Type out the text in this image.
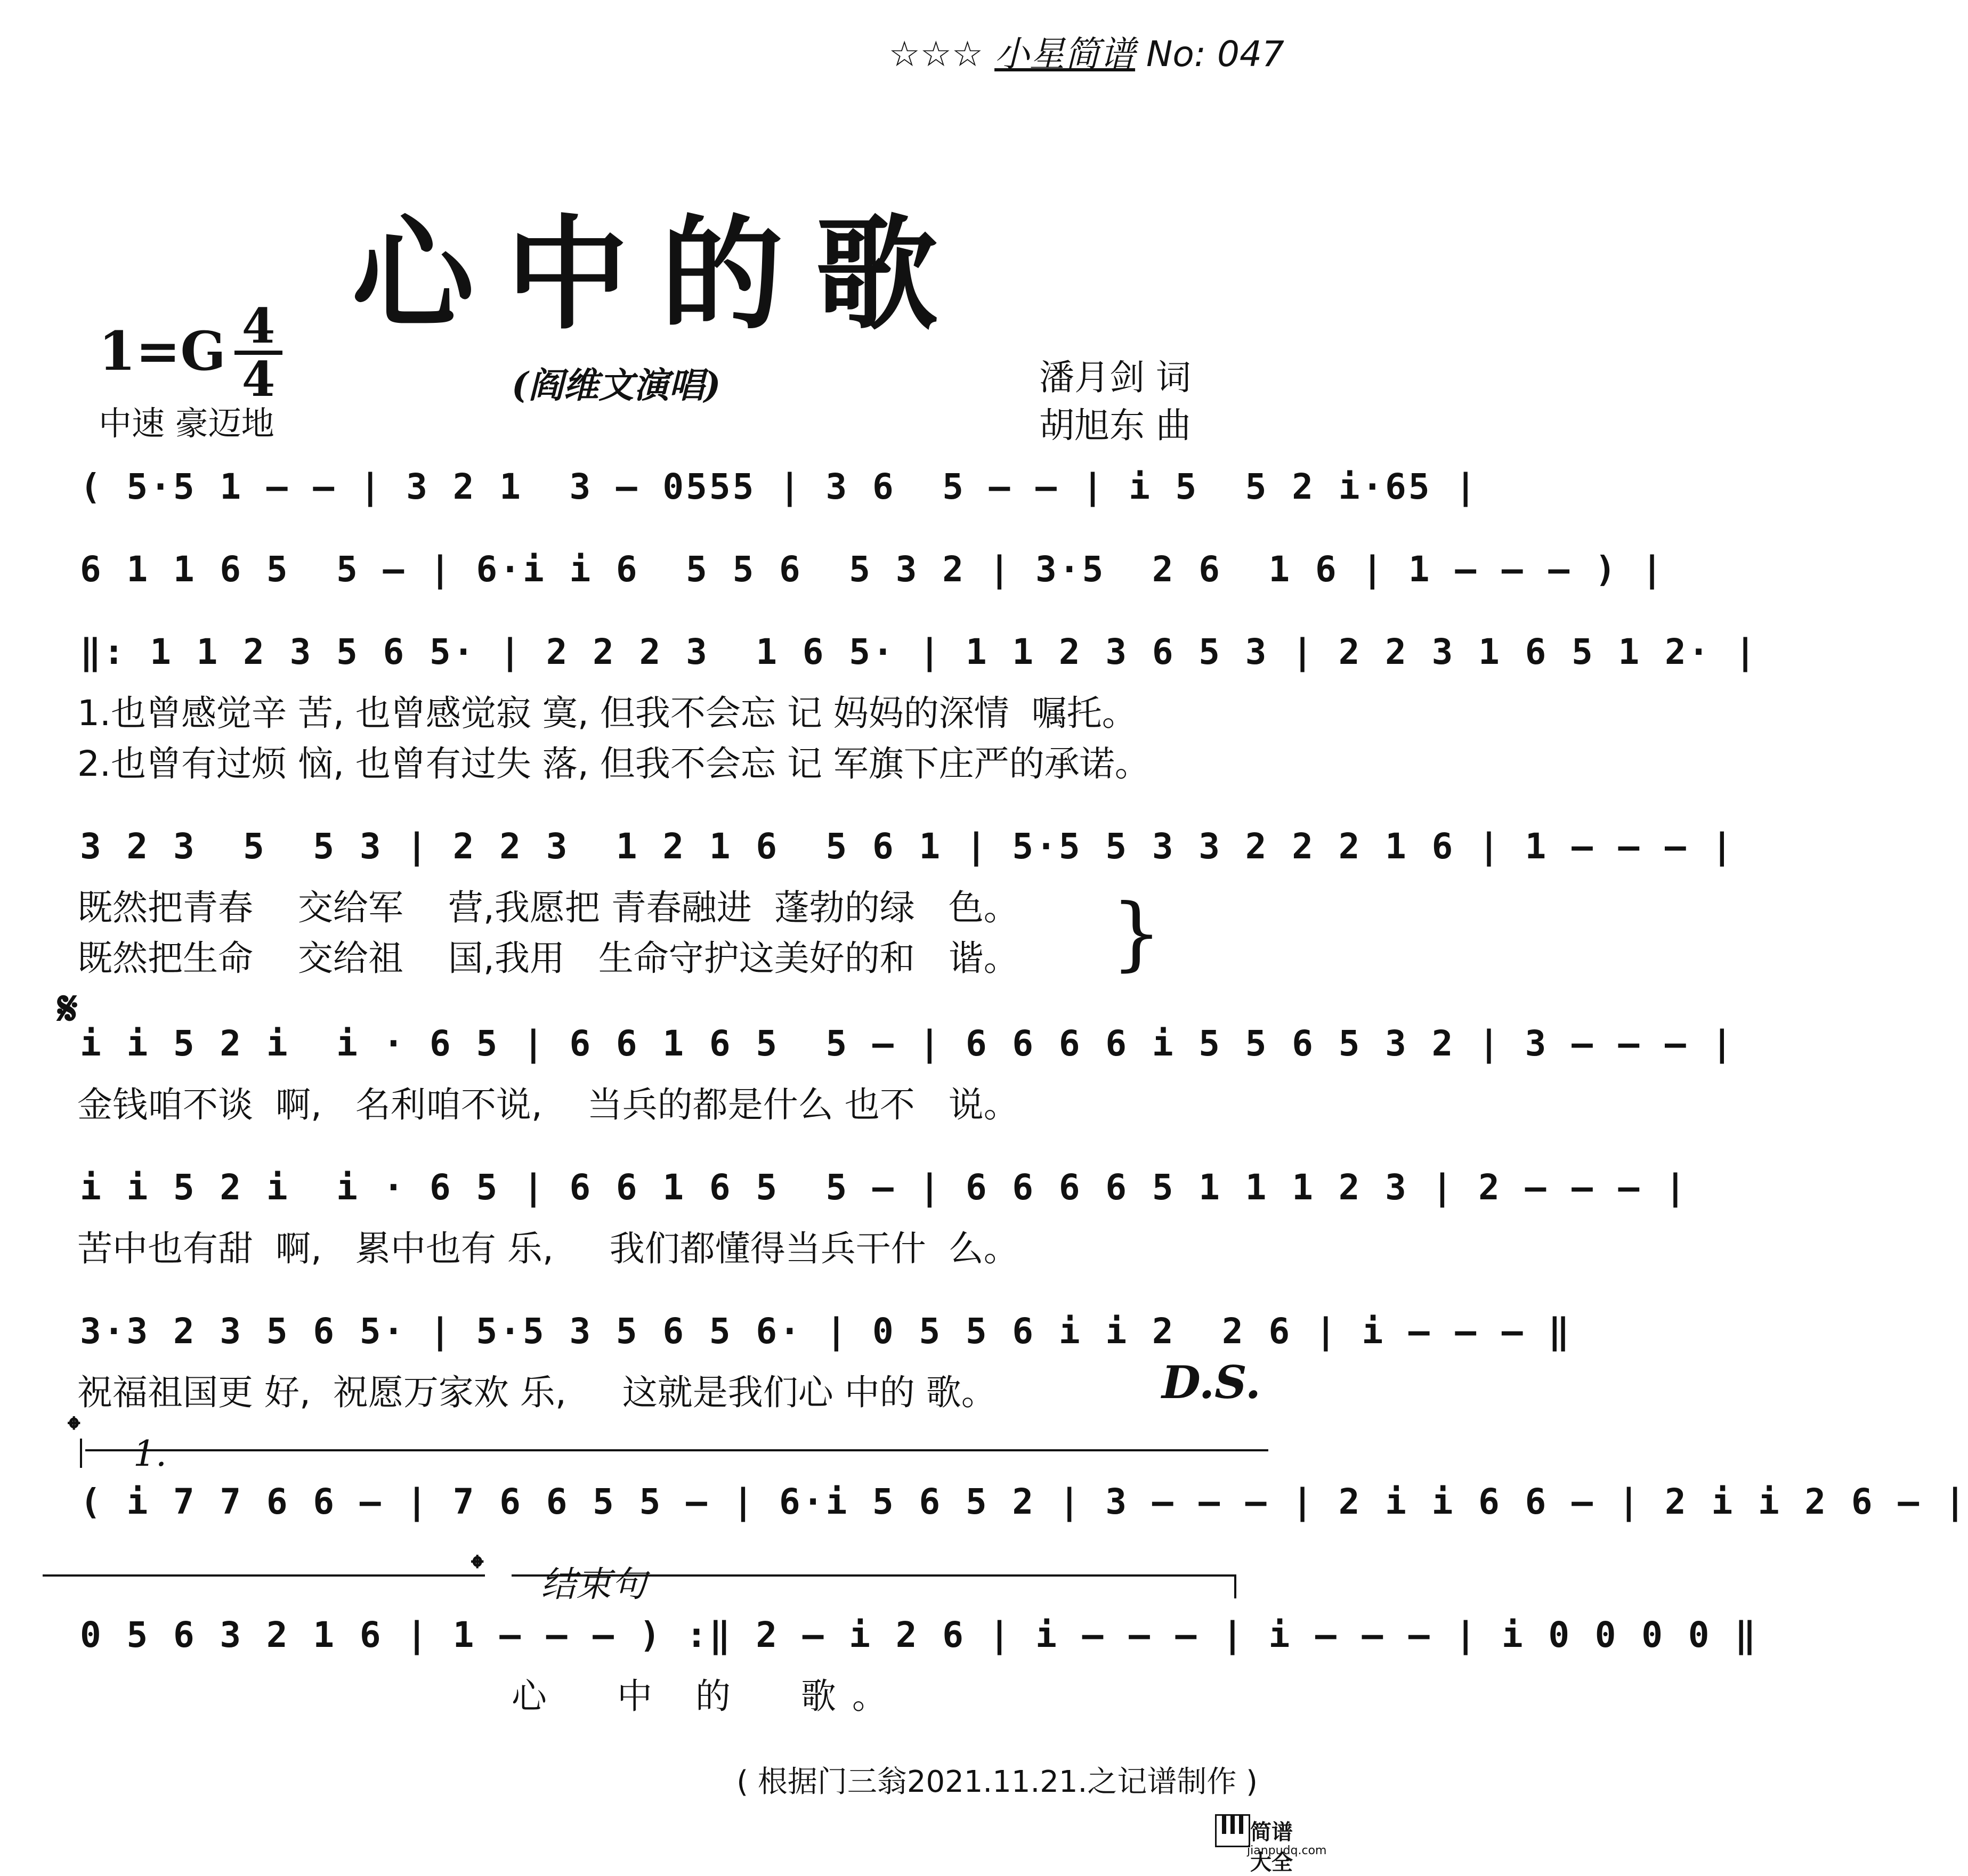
☆☆☆ 小星简谱 No: 047
心中的歌
1=G 4
4
中速 豪迈地
(阎维文演唱)	潘月剑 词
胡旭东 曲
( 5·5 1 – – | 3 2 1  3 – 0555 | 3 6  5 – – | i 5  5 2 i·65 |
6 1 1 6 5  5 – | 6·i i 6  5 5 6  5 3 2 | 3·5  2 6  1 6 | 1 – – – ) |
‖: 1 1 2 3 5 6 5· | 2 2 2 3  1 6 5· | 1 1 2 3 6 5 3 | 2 2 3 1 6 5 1 2· |
1.也曾感觉辛 苦, 也曾感觉寂 寞, 但我不会忘 记 妈妈的深情  嘱托。
2.也曾有过烦 恼, 也曾有过失 落, 但我不会忘 记 军旗下庄严的承诺。
3 2 3  5  5 3 | 2 2 3  1 2 1 6  5 6 1 | 5·5 5 3 3 2 2 2 1 6 | 1 – – – |
既然把青春    交给军    营,我愿把 青春融进  蓬勃的绿   色。
既然把生命    交给祖    国,我用   生命守护这美好的和   谐。	}
𝄋
i i 5 2 i  i · 6 5 | 6 6 1 6 5  5 – | 6 6 6 6 i 5 5 6 5 3 2 | 3 – – – |
金钱咱不谈  啊,   名利咱不说,    当兵的都是什么 也不   说。
i i 5 2 i  i · 6 5 | 6 6 1 6 5  5 – | 6 6 6 6 5 1 1 1 2 3 | 2 – – – |
苦中也有甜  啊,   累中也有 乐,     我们都懂得当兵干什  么。
3·3 2 3 5 6 5· | 5·5 3 5 6 5 6· | 0 5 5 6 i i 2  2 6 | i – – – ‖
祝福祖国更 好,  祝愿万家欢 乐,     这就是我们心 中的 歌。	D.S.
𝄌
1.
( i 7 7 6 6 – | 7 6 6 5 5 – | 6·i 5 6 5 2 | 3 – – – | 2 i i 6 6 – | 2 i i 2 6 – |
𝄌 结束句
0 5 6 3 2 1 6 | 1 – – – ) :‖ 2 – i 2 6 | i – – – | i – – – | i 0 0 0 0 ‖
心  中 的  歌。
( 根据门三翁2021.11.21.之记谱制作 )
简谱大全
jianpudq.com
